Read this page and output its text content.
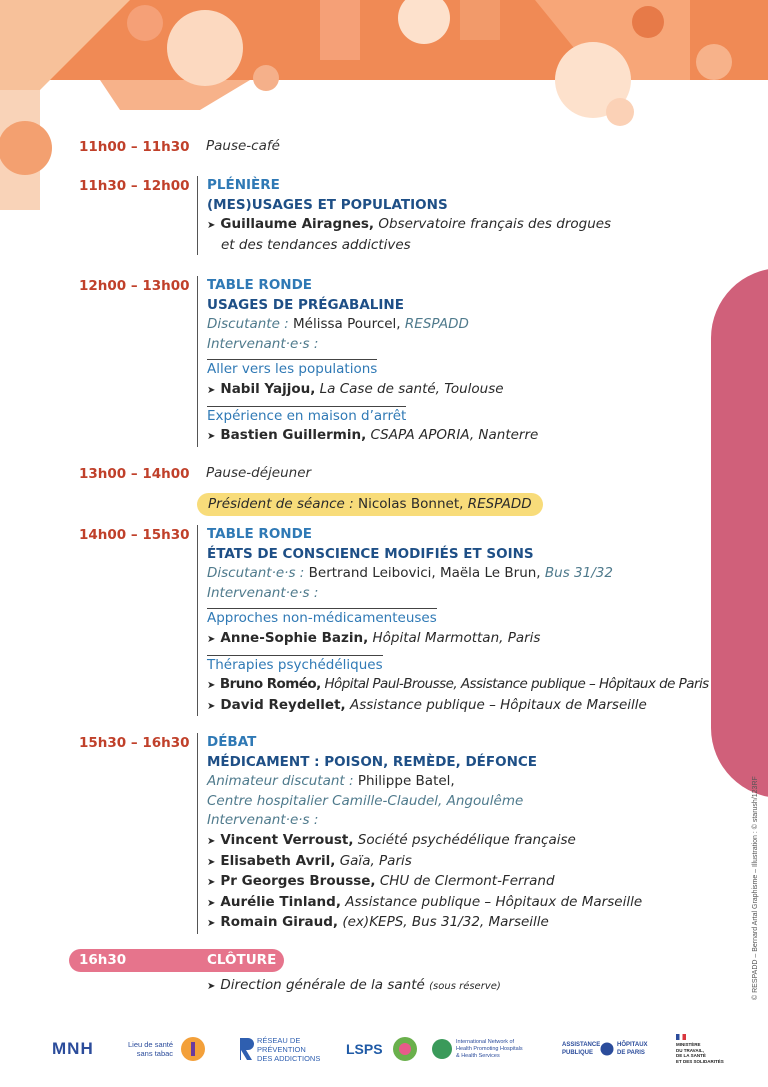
© RESPADD – Bernard Artal Graphisme – Illustration : © starush/123RF
11h00 – 11h30 Pause-café
11h30 – 12h00 PLÉNIÈRE
(MES)USAGES ET POPULATIONS
➤ Guillaume Airagnes, Observatoire français des drogues
et des tendances addictives
12h00 – 13h00 TABLE RONDE
USAGES DE PRÉGABALINE
Discutante : Mélissa Pourcel, RESPADD
Intervenant·e·s :
Aller vers les populations
➤ Nabil Yajjou, La Case de santé, Toulouse
Expérience en maison d’arrêt
➤ Bastien Guillermin, CSAPA APORIA, Nanterre
13h00 – 14h00 Pause-déjeuner
Président de séance : Nicolas Bonnet, RESPADD
14h00 – 15h30 TABLE RONDE
ÉTATS DE CONSCIENCE MODIFIÉS ET SOINS
Discutant·e·s : Bertrand Leibovici, Maëla Le Brun, Bus 31/32
Intervenant·e·s :
Approches non-médicamenteuses
➤ Anne-Sophie Bazin, Hôpital Marmottan, Paris
Thérapies psychédéliques
➤ Bruno Roméo, Hôpital Paul-Brousse, Assistance publique – Hôpitaux de Paris
➤ David Reydellet, Assistance publique – Hôpitaux de Marseille
15h30 – 16h30 DÉBAT
MÉDICAMENT : POISON, REMÈDE, DÉFONCE
Animateur discutant : Philippe Batel,
Centre hospitalier Camille-Claudel, Angoulême
Intervenant·e·s :
➤ Vincent Verroust, Société psychédélique française
➤ Elisabeth Avril, Gaïa, Paris
➤ Pr Georges Brousse, CHU de Clermont-Ferrand
➤ Aurélie Tinland, Assistance publique – Hôpitaux de Marseille
➤ Romain Giraud, (ex)KEPS, Bus 31/32, Marseille
16h30	CLÔTURE
➤ Direction générale de la santé (sous réserve)
MNH	Lieu de santé
sans tabac
RÉSEAU DE
PRÉVENTION
DES ADDICTIONS
LSPS	International Network of
Health Promoting Hospitals
& Health Services
ASSISTANCE
PUBLIQUE
HÔPITAUX
DE PARIS
MINISTÈRE
DU TRAVAIL,
DE LA SANTÉ
ET DES SOLIDARITÉS
